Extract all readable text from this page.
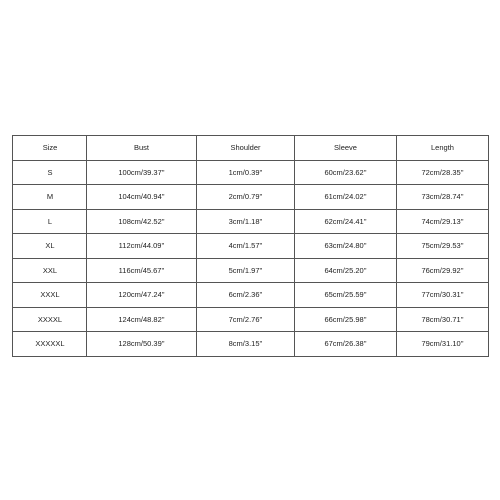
Size	Bust	Shoulder	Sleeve	Length
S	100cm/39.37''	1cm/0.39''	60cm/23.62''	72cm/28.35''
M	104cm/40.94''	2cm/0.79''	61cm/24.02''	73cm/28.74''
L	108cm/42.52''	3cm/1.18''	62cm/24.41''	74cm/29.13''
XL	112cm/44.09''	4cm/1.57''	63cm/24.80''	75cm/29.53''
XXL	116cm/45.67''	5cm/1.97''	64cm/25.20''	76cm/29.92''
XXXL	120cm/47.24''	6cm/2.36''	65cm/25.59''	77cm/30.31''
XXXXL	124cm/48.82''	7cm/2.76''	66cm/25.98''	78cm/30.71''
XXXXXL	128cm/50.39''	8cm/3.15''	67cm/26.38''	79cm/31.10''
